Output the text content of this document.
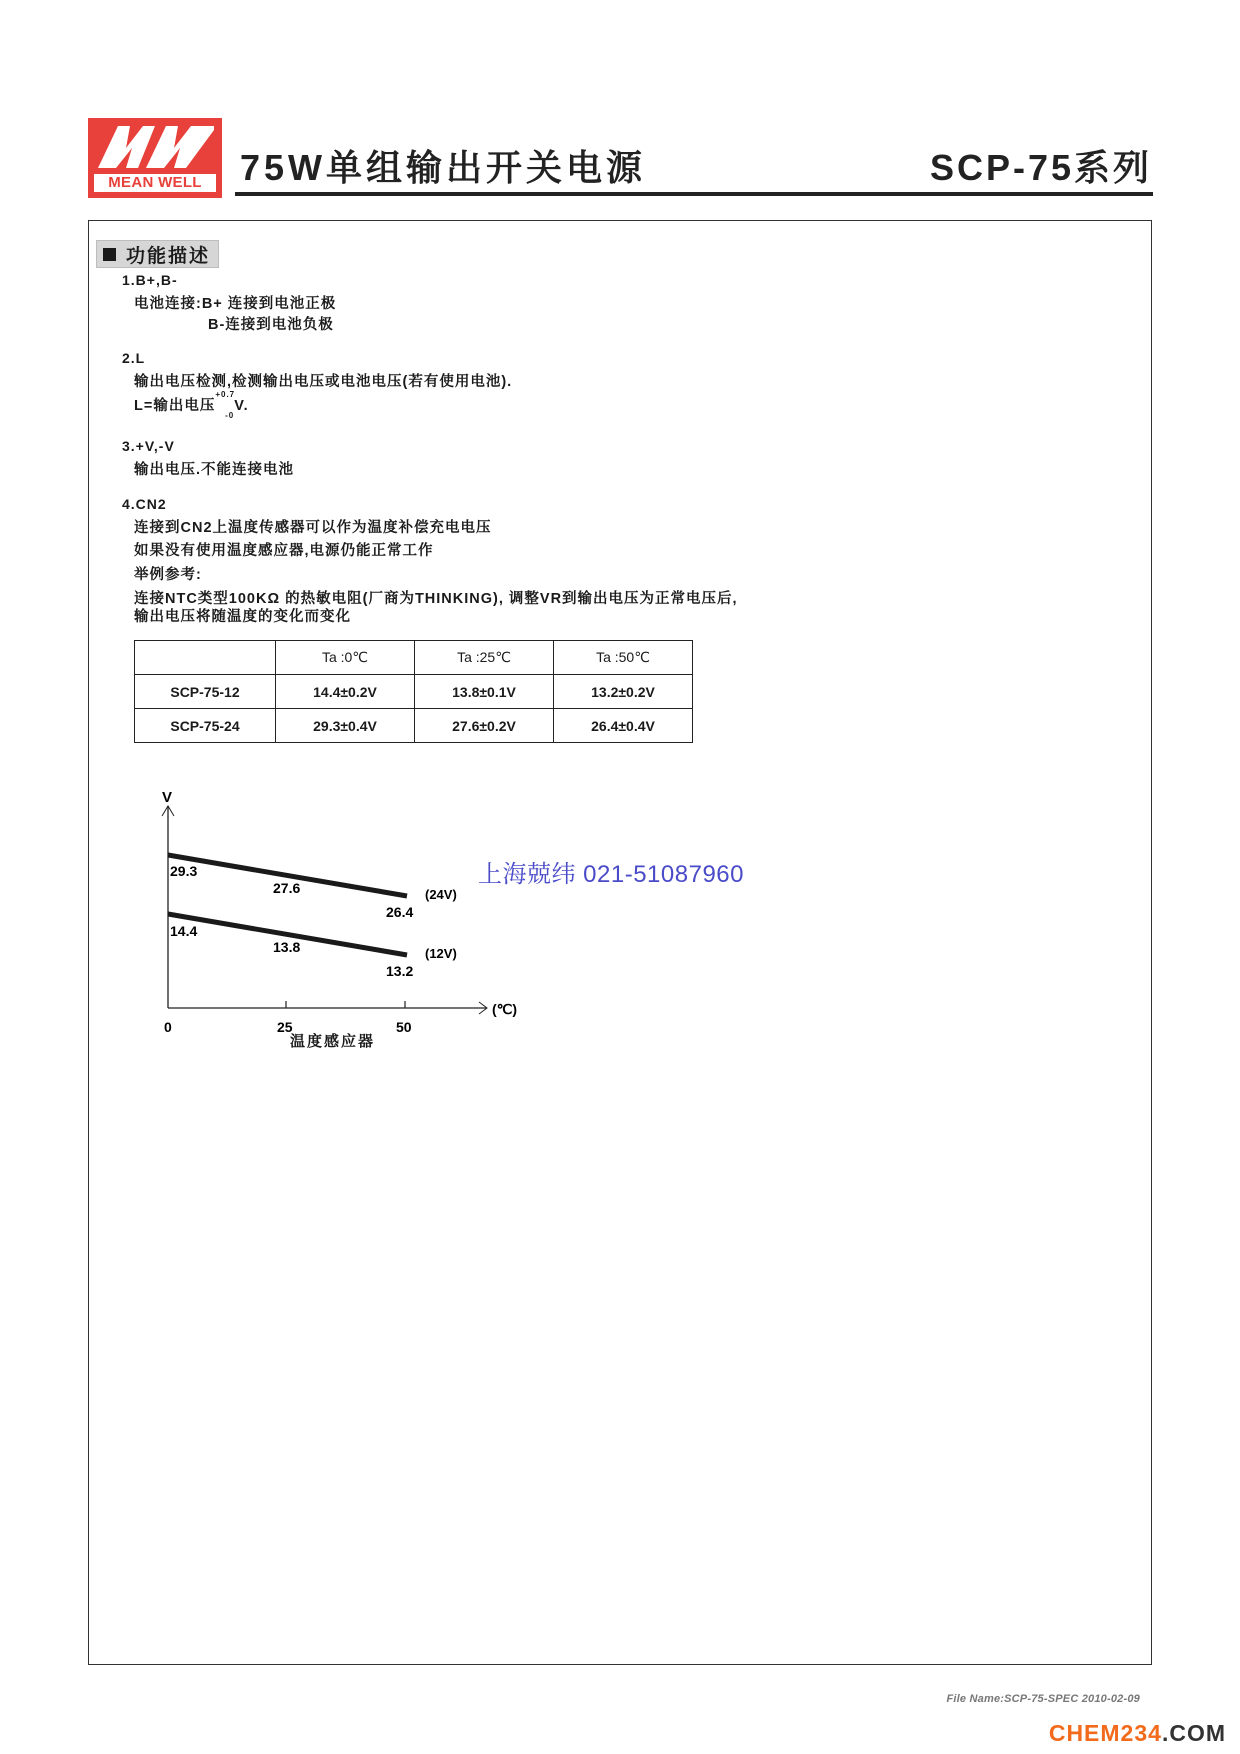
MEAN WELL	75W单组输出开关电源	SCP-75系列
功能描述
1.B+,B-
电池连接:B+ 连接到电池正极
B-连接到电池负极
2.L
输出电压检测,检测输出电压或电池电压(若有使用电池).
L=输出电压$^{+0.7}_{-0}$V.
3.+V,-V
输出电压.不能连接电池
4.CN2
连接到CN2上温度传感器可以作为温度补偿充电电压
如果没有使用温度感应器,电源仍能正常工作
举例参考:
连接NTC类型100KΩ 的热敏电阻(厂商为THINKING), 调整VR到输出电压为正常电压后,
输出电压将随温度的变化而变化
	Ta :0℃	Ta :25℃	Ta :50℃
SCP-75-12	14.4±0.2V	13.8±0.1V	13.2±0.2V
SCP-75-24	29.3±0.4V	27.6±0.2V	26.4±0.4V
V
0	25	50
(℃)
29.3
27.6
26.4
(24V)
14.4
13.8
13.2
(12V)
温度感应器
上海兢纬 021-51087960
File Name:SCP-75-SPEC 2010-02-09
CHEM234.COM
